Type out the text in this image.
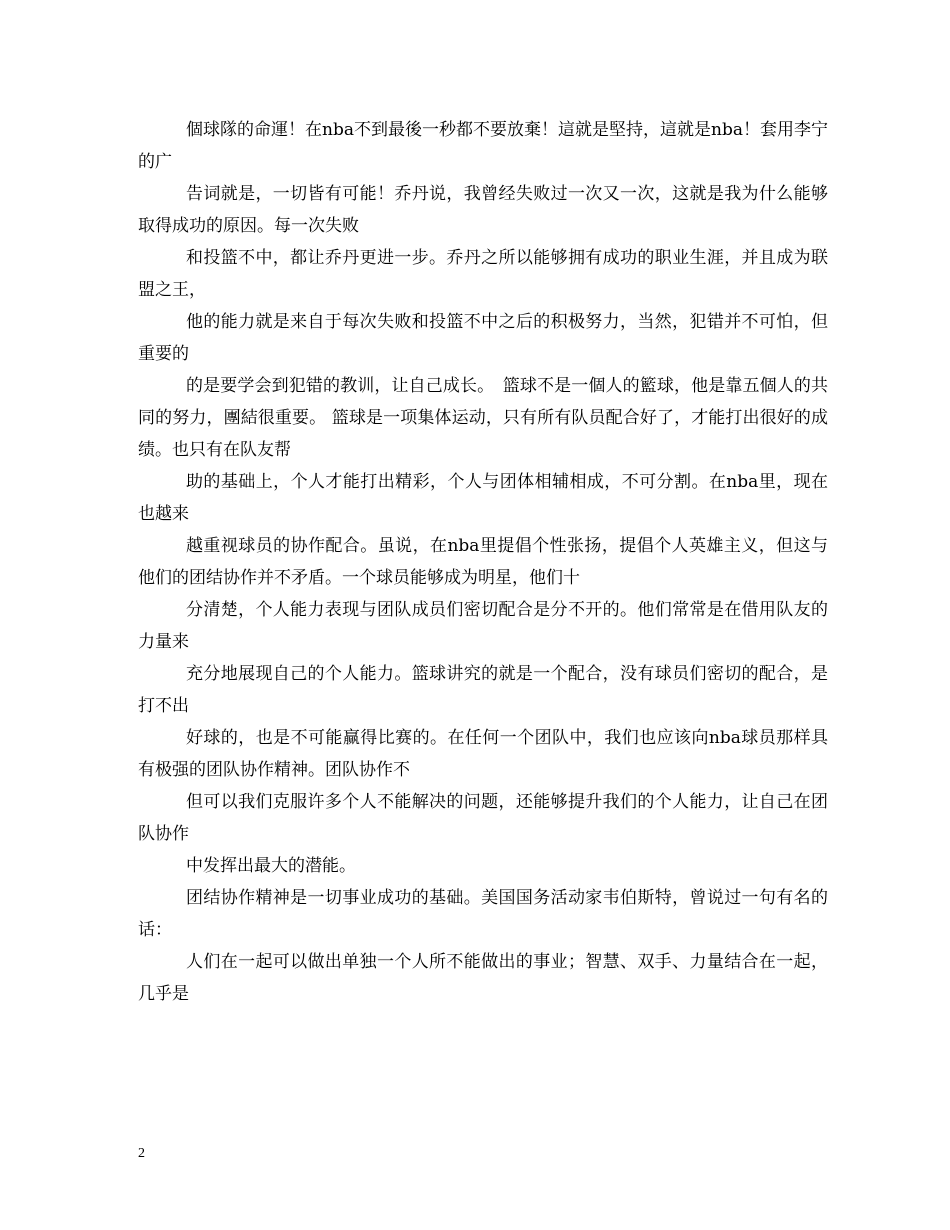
個球隊的命運！在nba不到最後一秒都不要放棄！這就是堅持，這就是nba！套用李宁的广

告词就是，一切皆有可能！乔丹说，我曾经失败过一次又一次，这就是我为什么能够取得成功的原因。每一次失败

和投篮不中，都让乔丹更进一步。乔丹之所以能够拥有成功的职业生涯，并且成为联盟之王，

他的能力就是来自于每次失败和投篮不中之后的积极努力，当然，犯错并不可怕，但重要的

的是要学会到犯错的教训，让自己成长。　篮球不是一個人的籃球，他是靠五個人的共同的努力，團結很重要。 篮球是一项集体运动，只有所有队员配合好了，才能打出很好的成绩。也只有在队友帮

助的基础上，个人才能打出精彩，个人与团体相辅相成，不可分割。在nba里，现在也越来

越重视球员的协作配合。虽说，在nba里提倡个性张扬，提倡个人英雄主义，但这与他们的团结协作并不矛盾。一个球员能够成为明星，他们十

分清楚，个人能力表现与团队成员们密切配合是分不开的。他们常常是在借用队友的力量来

充分地展现自己的个人能力。篮球讲究的就是一个配合，没有球员们密切的配合，是打不出

好球的，也是不可能赢得比赛的。在任何一个团队中，我们也应该向nba球员那样具有极强的团队协作精神。团队协作不

但可以我们克服许多个人不能解决的问题，还能够提升我们的个人能力，让自己在团队协作

中发挥出最大的潜能。

团结协作精神是一切事业成功的基础。美国国务活动家韦伯斯特，曾说过一句有名的话：

人们在一起可以做出单独一个人所不能做出的事业；智慧、双手、力量结合在一起，几乎是

2
